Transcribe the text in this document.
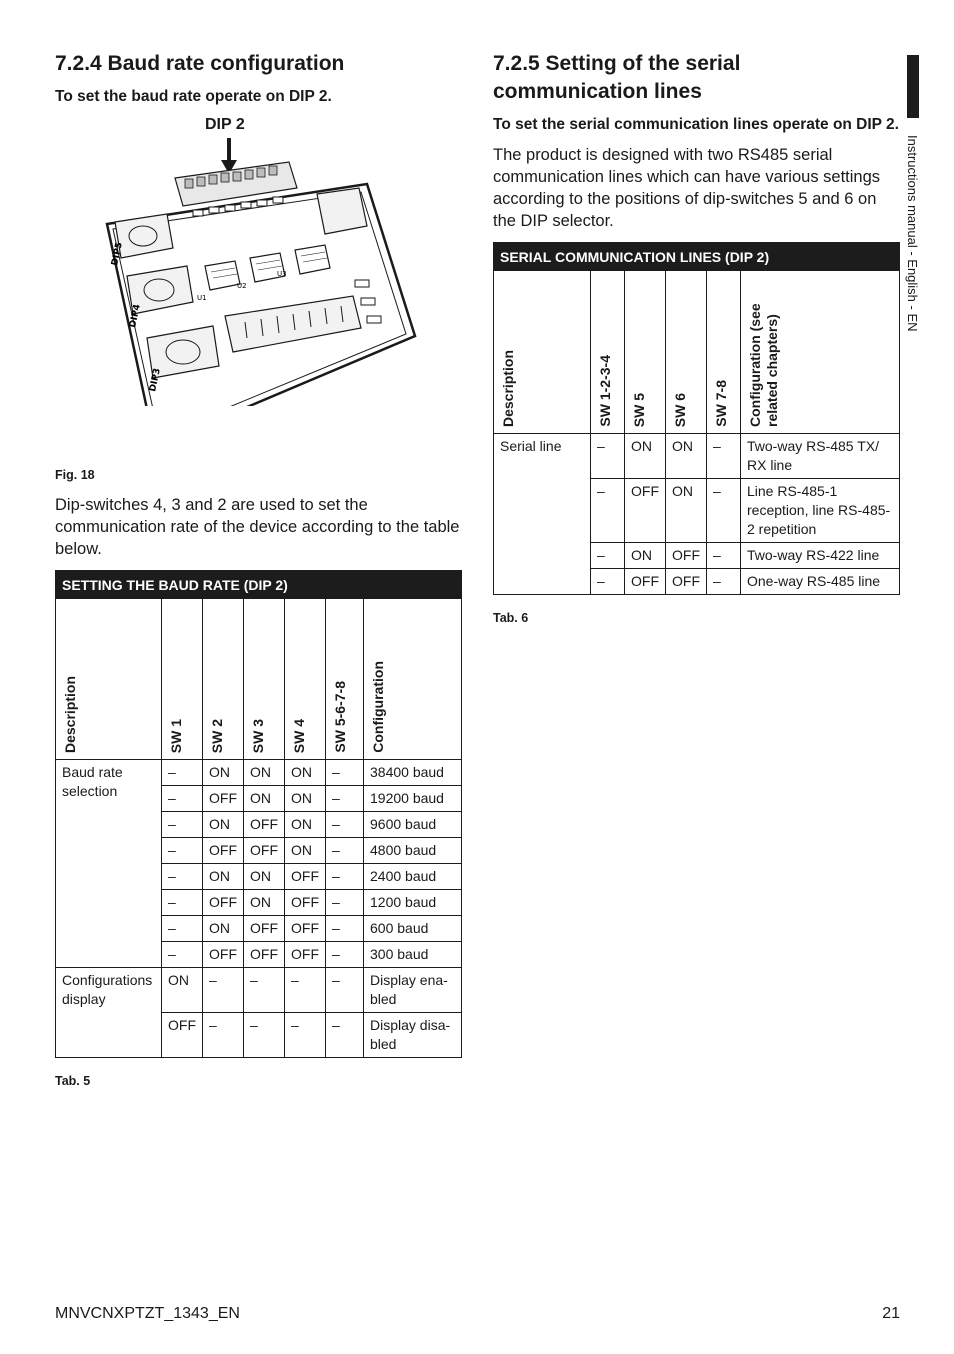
7.2.4 Baud rate configuration
To set the baud rate operate on DIP 2.
DIP 2
DIP5
DIP4
DIP3
U1
U2
U3
Fig. 18

Dip-switches 4, 3 and 2 are used to set the communication rate of the device according to the table below.

SETTING THE BAUD RATE (DIP 2)						

Description	SW 1	SW 2	SW 3	SW 4	SW 5-6-7-8	Configuration

Baud rate selection	–	ON	ON	ON	–	38400 baud
	–	OFF	ON	ON	–	19200 baud
	–	ON	OFF	ON	–	9600 baud
	–	OFF	OFF	ON	–	4800 baud
	–	ON	ON	OFF	–	2400 baud
	–	OFF	ON	OFF	–	1200 baud
	–	ON	OFF	OFF	–	600 baud
	–	OFF	OFF	OFF	–	300 baud
Configurations display	ON	–	–	–	–	Display ena-bled
	OFF	–	–	–	–	Display disa-bled
Tab. 5
7.2.5 Setting of the serial communication lines
To set the serial communication lines operate on DIP 2.

The product is designed with two RS485 serial communication lines which can have various settings according to the positions of dip-switches 5 and 6 on the DIP selector.

SERIAL COMMUNICATION LINES (DIP 2)					

Description	SW 1-2-3-4	SW 5	SW 6	SW 7-8	Configuration (see related chapters)

Serial line	–	ON	ON	–	Two-way RS-485 TX/ RX line
	–	OFF	ON	–	Line RS-485-1 reception, line RS-485-2 repetition
	–	ON	OFF	–	Two-way RS-422 line
	–	OFF	OFF	–	One-way RS-485 line
Tab. 6
Instructions manual - English - EN
MNVCNXPTZT_1343_EN	21
